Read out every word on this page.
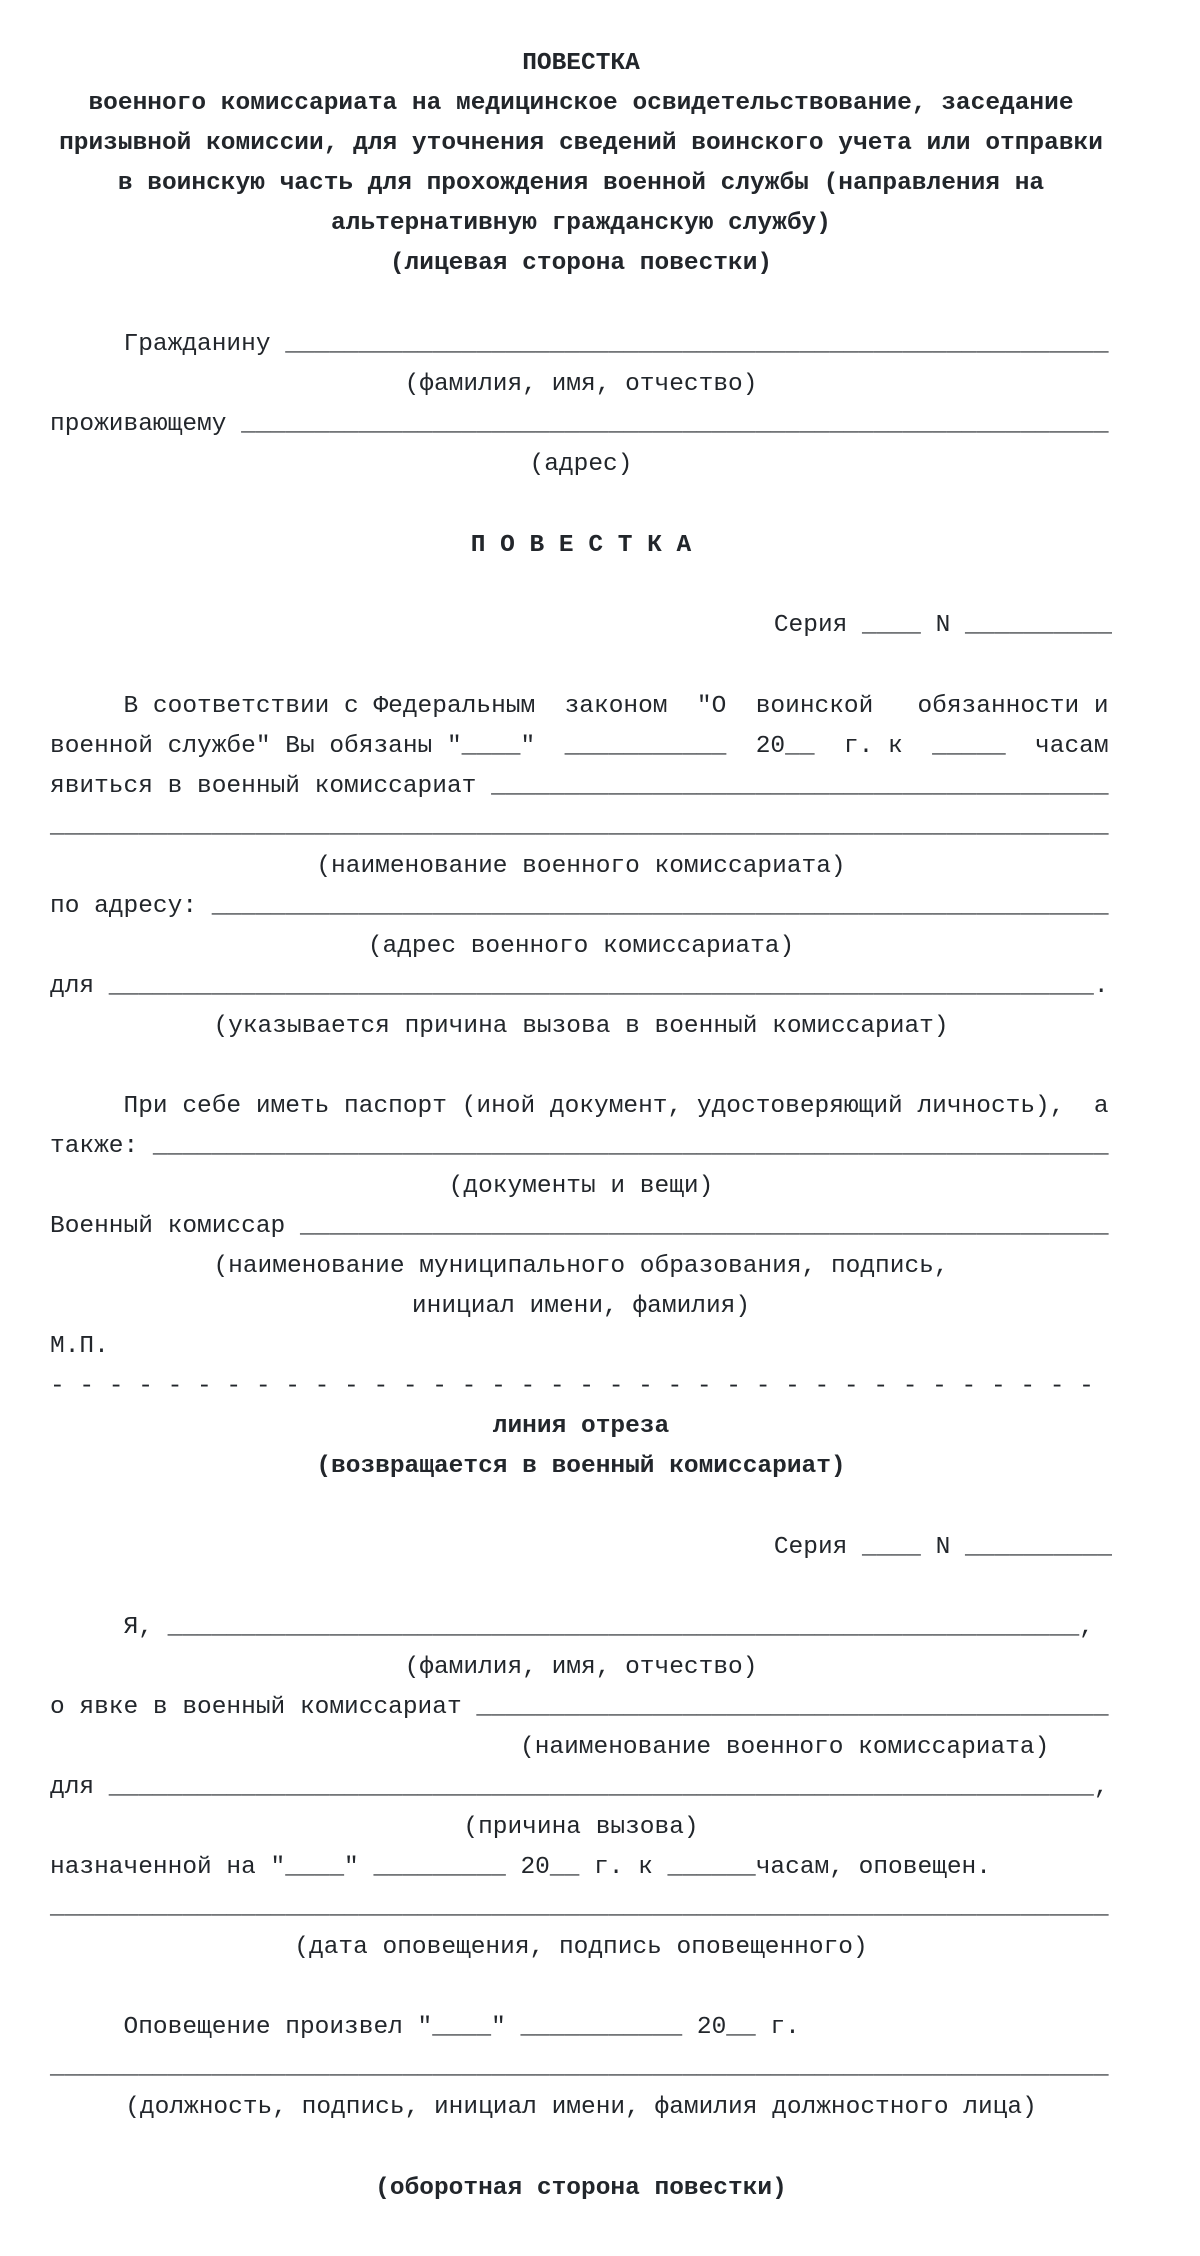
ПОВЕСТКА
военного комиссариата на медицинское освидетельствование, заседание
призывной комиссии, для уточнения сведений воинского учета или отправки
в воинскую часть для прохождения военной службы (направления на
альтернативную гражданскую службу)
(лицевая сторона повестки)
Гражданину ________________________________________________________
(фамилия, имя, отчество)
проживающему ___________________________________________________________
(адрес)
П О В Е С Т К А
Серия ____ N __________
В соответствии с Федеральным  законом  "О  воинской   обязанности и
военной службе" Вы обязаны "____"  ___________  20__  г. к  _____  часам
явиться в военный комиссариат __________________________________________
________________________________________________________________________
(наименование военного комиссариата)
по адресу: _____________________________________________________________
(адрес военного комиссариата)
для ___________________________________________________________________.
(указывается причина вызова в военный комиссариат)
При себе иметь паспорт (иной документ, удостоверяющий личность),  а
также: _________________________________________________________________
(документы и вещи)
Военный комиссар _______________________________________________________
(наименование муниципального образования, подпись,
инициал имени, фамилия)
М.П.
- - - - - - - - - - - - - - - - - - - - - - - - - - - - - - - - - - - -
линия отреза
(возвращается в военный комиссариат)
Серия ____ N __________
Я, ______________________________________________________________,
(фамилия, имя, отчество)
о явке в военный комиссариат ___________________________________________
(наименование военного комиссариата)
для ___________________________________________________________________,
(причина вызова)
назначенной на "____" _________ 20__ г. к ______часам, оповещен.
________________________________________________________________________
(дата оповещения, подпись оповещенного)
Оповещение произвел "____" ___________ 20__ г.
________________________________________________________________________
(должность, подпись, инициал имени, фамилия должностного лица)
(оборотная сторона повестки)
